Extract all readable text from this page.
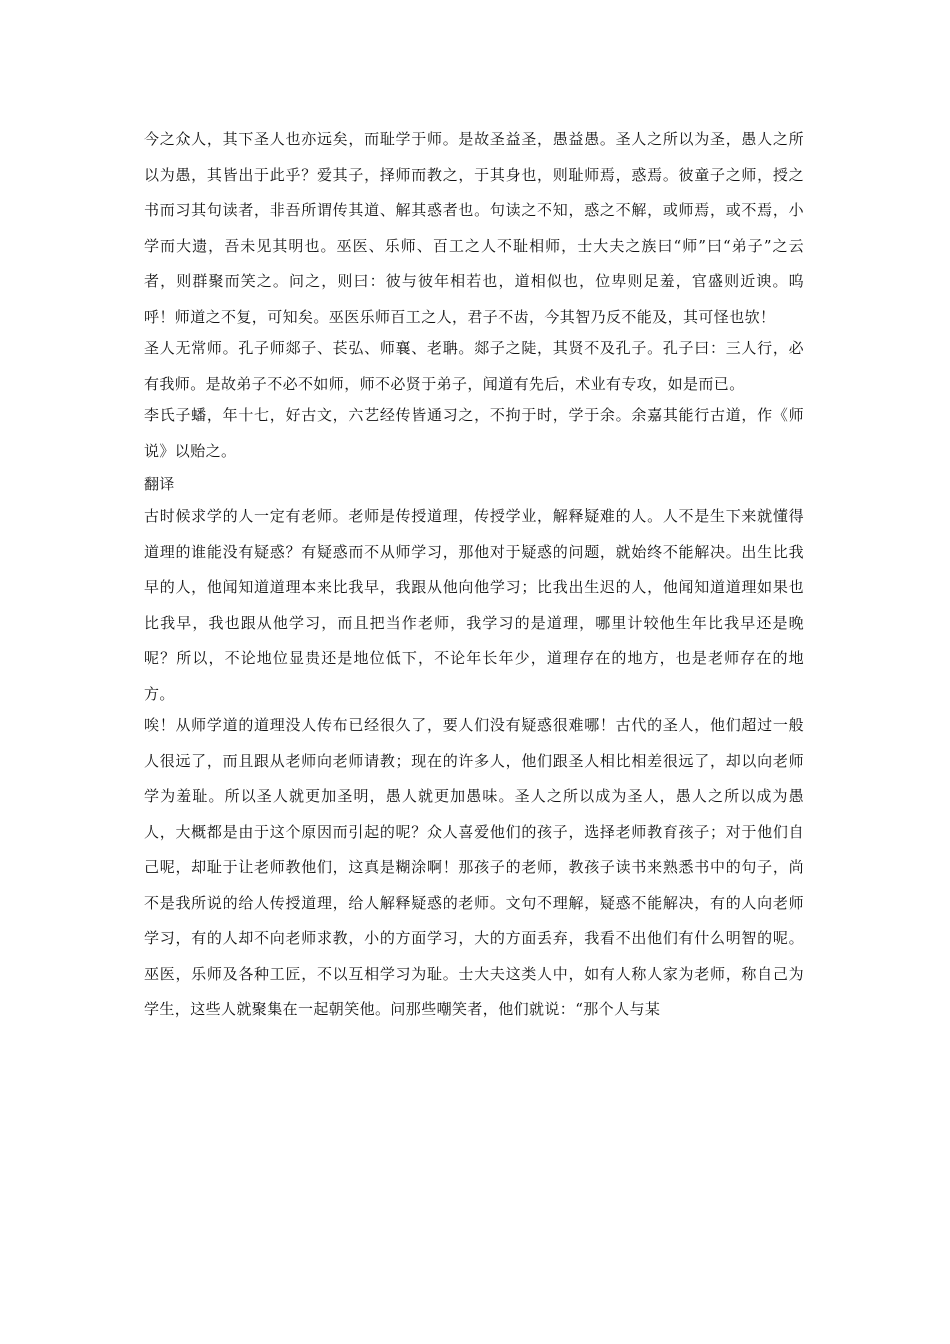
今之众人，其下圣人也亦远矣，而耻学于师。是故圣益圣，愚益愚。圣人之所以为圣，愚人之所以为愚，其皆出于此乎？爱其子，择师而教之，于其身也，则耻师焉，惑焉。彼童子之师，授之书而习其句读者，非吾所谓传其道、解其惑者也。句读之不知，惑之不解，或师焉，或不焉，小学而大遗，吾未见其明也。巫医、乐师、百工之人不耻相师，士大夫之族曰“师”曰“弟子”之云者，则群聚而笑之。问之，则曰：彼与彼年相若也，道相似也，位卑则足羞，官盛则近谀。呜呼！师道之不复，可知矣。巫医乐师百工之人，君子不齿，今其智乃反不能及，其可怪也欤！

圣人无常师。孔子师郯子、苌弘、师襄、老聃。郯子之陡，其贤不及孔子。孔子曰：三人行，必有我师。是故弟子不必不如师，师不必贤于弟子，闻道有先后，术业有专攻，如是而已。

李氏子蟠，年十七，好古文，六艺经传皆通习之，不拘于时，学于余。余嘉其能行古道，作《师说》以贻之。

翻译

古时候求学的人一定有老师。老师是传授道理，传授学业，解释疑难的人。人不是生下来就懂得道理的谁能没有疑惑？有疑惑而不从师学习，那他对于疑惑的问题，就始终不能解决。出生比我早的人，他闻知道道理本来比我早，我跟从他向他学习；比我出生迟的人，他闻知道道理如果也比我早，我也跟从他学习，而且把当作老师，我学习的是道理，哪里计较他生年比我早还是晚呢？所以，不论地位显贵还是地位低下，不论年长年少，道理存在的地方，也是老师存在的地方。

唉！从师学道的道理没人传布已经很久了，要人们没有疑惑很难哪！古代的圣人，他们超过一般人很远了，而且跟从老师向老师请教；现在的许多人，他们跟圣人相比相差很远了，却以向老师学为羞耻。所以圣人就更加圣明，愚人就更加愚味。圣人之所以成为圣人，愚人之所以成为愚人，大概都是由于这个原因而引起的呢？众人喜爱他们的孩子，选择老师教育孩子；对于他们自己呢，却耻于让老师教他们，这真是糊涂啊！那孩子的老师，教孩子读书来熟悉书中的句子，尚不是我所说的给人传授道理，给人解释疑惑的老师。文句不理解，疑惑不能解决，有的人向老师学习，有的人却不向老师求教，小的方面学习，大的方面丢弃，我看不出他们有什么明智的呢。巫医，乐师及各种工匠，不以互相学习为耻。士大夫这类人中，如有人称人家为老师，称自己为学生，这些人就聚集在一起朝笑他。问那些嘲笑者，他们就说：“那个人与某
